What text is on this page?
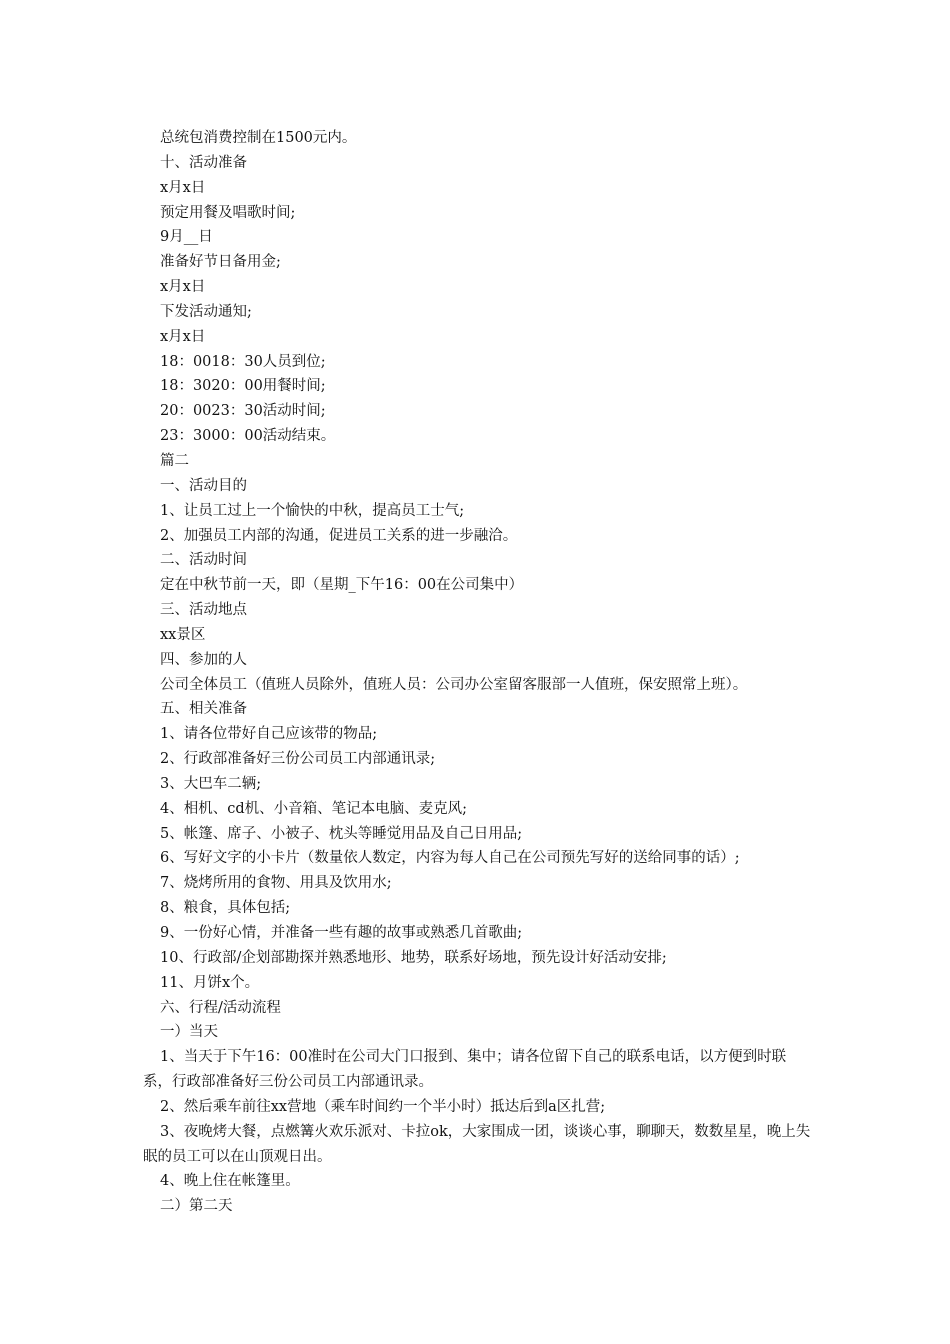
总统包消费控制在1500元内。
十、活动准备
x月x日
预定用餐及唱歌时间;
9月__日
准备好节日备用金;
x月x日
下发活动通知;
x月x日
18：0018：30人员到位;
18：3020：00用餐时间;
20：0023：30活动时间;
23：3000：00活动结束。
篇二
一、活动目的
1、让员工过上一个愉快的中秋，提高员工士气;
2、加强员工内部的沟通，促进员工关系的进一步融洽。
二、活动时间
定在中秋节前一天，即（星期_下午16：00在公司集中）
三、活动地点
xx景区
四、参加的人
公司全体员工（值班人员除外，值班人员：公司办公室留客服部一人值班，保安照常上班）。
五、相关准备
1、请各位带好自己应该带的物品;
2、行政部准备好三份公司员工内部通讯录;
3、大巴车二辆;
4、相机、cd机、小音箱、笔记本电脑、麦克风;
5、帐篷、席子、小被子、枕头等睡觉用品及自己日用品;
6、写好文字的小卡片（数量依人数定，内容为每人自己在公司预先写好的送给同事的话）;
7、烧烤所用的食物、用具及饮用水;
8、粮食，具体包括;
9、一份好心情，并准备一些有趣的故事或熟悉几首歌曲;
10、行政部/企划部勘探并熟悉地形、地势，联系好场地，预先设计好活动安排;
11、月饼x个。
六、行程/活动流程
一）当天
1、当天于下午16：00准时在公司大门口报到、集中；请各位留下自己的联系电话，以方便到时联系，行政部准备好三份公司员工内部通讯录。
2、然后乘车前往xx营地（乘车时间约一个半小时）抵达后到a区扎营;
3、夜晚烤大餐，点燃篝火欢乐派对、卡拉ok，大家围成一团，谈谈心事，聊聊天，数数星星，晚上失眠的员工可以在山顶观日出。
4、晚上住在帐篷里。
二）第二天
